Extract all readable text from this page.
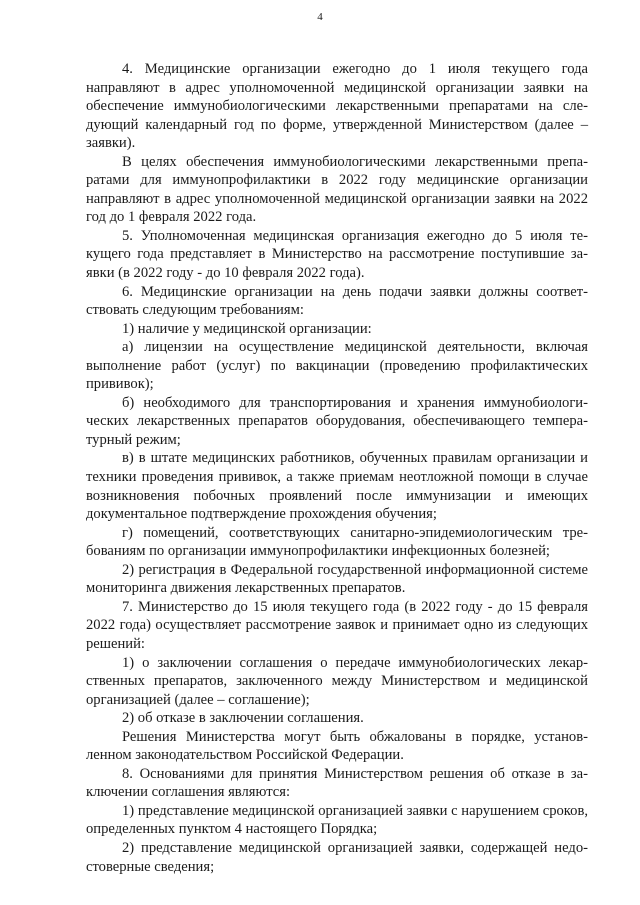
4

4. Медицинские организации ежегодно до 1 июля текущего года направляют в адрес уполномоченной медицинской организации заявки на обеспечение иммунобиологическими лекарственными препаратами на следующий календарный год по форме, утвержденной Министерством (далее – заявки).

В целях обеспечения иммунобиологическими лекарственными препаратами для иммунопрофилактики в 2022 году медицинские организации направляют в адрес уполномоченной медицинской организации заявки на 2022 год до 1 февраля 2022 года.

5. Уполномоченная медицинская организация ежегодно до 5 июля текущего года представляет в Министерство на рассмотрение поступившие заявки (в 2022 году - до 10 февраля 2022 года).

6. Медицинские организации на день подачи заявки должны соответствовать следующим требованиям:

1) наличие у медицинской организации:

а) лицензии на осуществление медицинской деятельности, включая выполнение работ (услуг) по вакцинации (проведению профилактических прививок);

б) необходимого для транспортирования и хранения иммунобиологических лекарственных препаратов оборудования, обеспечивающего температурный режим;

в) в штате медицинских работников, обученных правилам организации и техники проведения прививок, а также приемам неотложной помощи в случае возникновения побочных проявлений после иммунизации и имеющих документальное подтверждение прохождения обучения;

г) помещений, соответствующих санитарно-эпидемиологическим требованиям по организации иммунопрофилактики инфекционных болезней;

2) регистрация в Федеральной государственной информационной системе мониторинга движения лекарственных препаратов.

7. Министерство до 15 июля текущего года (в 2022 году - до 15 февраля 2022 года) осуществляет рассмотрение заявок и принимает одно из следующих решений:

1) о заключении соглашения о передаче иммунобиологических лекарственных препаратов, заключенного между Министерством и медицинской организацией (далее – соглашение);

2) об отказе в заключении соглашения.

Решения Министерства могут быть обжалованы в порядке, установленном законодательством Российской Федерации.

8. Основаниями для принятия Министерством решения об отказе в заключении соглашения являются:

1) представление медицинской организацией заявки с нарушением сроков, определенных пунктом 4 настоящего Порядка;

2) представление медицинской организацией заявки, содержащей недостоверные сведения;
